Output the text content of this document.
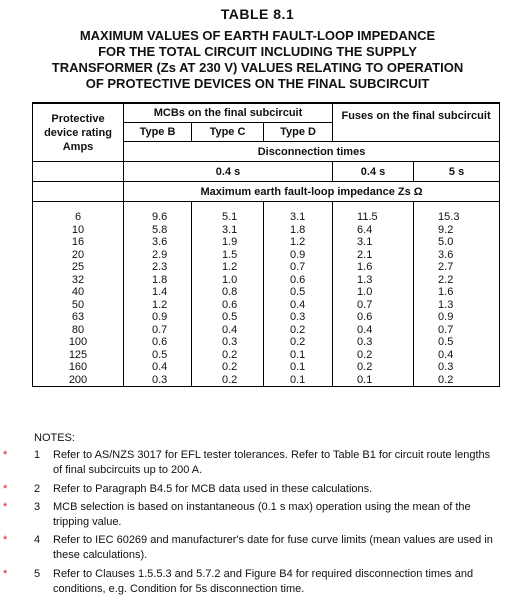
TABLE 8.1
MAXIMUM VALUES OF EARTH FAULT-LOOP IMPEDANCE
FOR THE TOTAL CIRCUIT INCLUDING THE SUPPLY
TRANSFORMER (Zs AT 230 V) VALUES RELATING TO OPERATION
OF PROTECTIVE DEVICES ON THE FINAL SUBCIRCUIT
Protective device rating Amps	MCBs on the final subcircuit			Fuses on the final subcircuit	
	Type B	Type C	Type D		
	Disconnection times				
	0.4 s			0.4 s	5 s
	Maximum earth fault-loop impedance Zs Ω				

6	9.6	5.1	3.1	11.5	15.3
10	5.8	3.1	1.8	6.4	9.2
16	3.6	1.9	1.2	3.1	5.0
20	2.9	1.5	0.9	2.1	3.6
25	2.3	1.2	0.7	1.6	2.7
32	1.8	1.0	0.6	1.3	2.2
40	1.4	0.8	0.5	1.0	1.6
50	1.2	0.6	0.4	0.7	1.3
63	0.9	0.5	0.3	0.6	0.9
80	0.7	0.4	0.2	0.4	0.7
100	0.6	0.3	0.2	0.3	0.5
125	0.5	0.2	0.1	0.2	0.4
160	0.4	0.2	0.1	0.2	0.3
200	0.3	0.2	0.1	0.1	0.2
NOTES:
* 1 Refer to AS/NZS 3017 for EFL tester tolerances. Refer to Table B1 for circuit route lengths of final subcircuits up to 200 A.
* 2 Refer to Paragraph B4.5 for MCB data used in these calculations.
* 3 MCB selection is based on instantaneous (0.1 s max) operation using the mean of the tripping value.
* 4 Refer to IEC 60269 and manufacturer's date for fuse curve limits (mean values are used in these calculations).
* 5 Refer to Clauses 1.5.5.3 and 5.7.2 and Figure B4 for required disconnection times and conditions, e.g. Condition for 5s disconnection time.
